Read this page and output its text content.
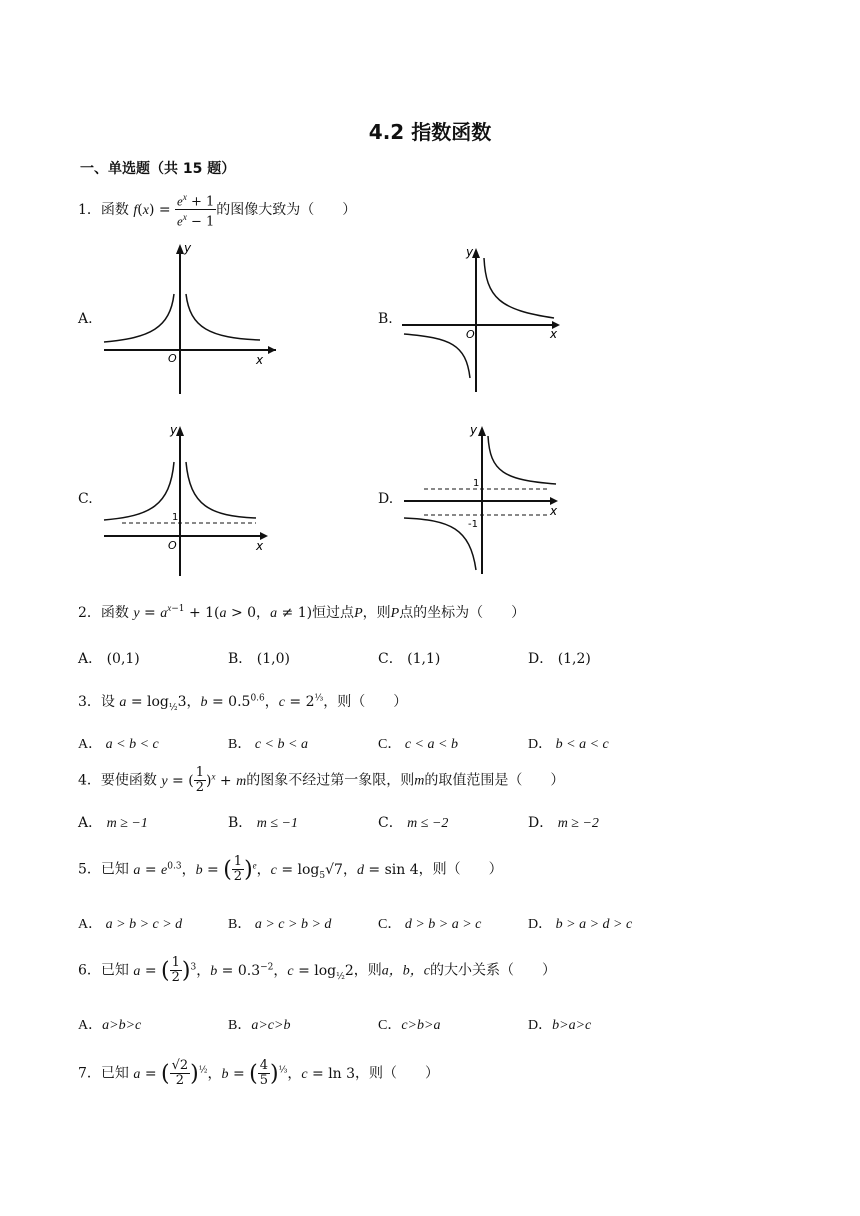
4.2 指数函数
一、单选题（共 15 题）
1．函数 $f(x) = \frac{e^x + 1}{e^x - 1}$ 的图像大致为（　　）
A.
y
x
O
B.
y
x
O
C.
y
x
O
1
D.
y
x
1
-1
2．函数 $y = a^{x-1} + 1(a > 0$，a ≠ 1)恒过点P，则P点的坐标为（　　）
A． (0,1)	B． (1,0)	C． (1,1)	D． (1,2)
3．设 $a = \log_{\frac{1}{2}}3$，$b = 0.5^{0.6}$，$c = 2^{\frac{1}{3}}$，则（　　）
A． a < b < c	B． c < b < a	C． c < a < b	D． b < a < c
4．要使函数 y = ( $\frac{1}{2} )^x + m$的图象不经过第一象限，则m的取值范围是（　　）
A． m ≥ −1	B． m ≤ −1	C． m ≤ −2	D． m ≥ −2
5．已知 $a = e^{0.3}$，b = ( $\frac{1}{2} )^e$，$c = \log_5√7$，d = sin 4，则（　　）
A． a > b > c > d	B． a > c > b > d	C． d > b > a > c	D． b > a > d > c
6．已知 a = ( $\frac{1}{2} )^3$，$b = 0.3^{-2}$，$c = \log_{\frac{1}{2}}2$，则a，b，c的大小关系（　　）
A．a>b>c	B．a>c>b	C．c>b>a	D．b>a>c
7．已知 a = ( $\frac{√2}{2} )^{\frac{1}{2}}$，b = ( $\frac{4}{5} )^{\frac{1}{3}}$，c = ln 3，则（　　）
